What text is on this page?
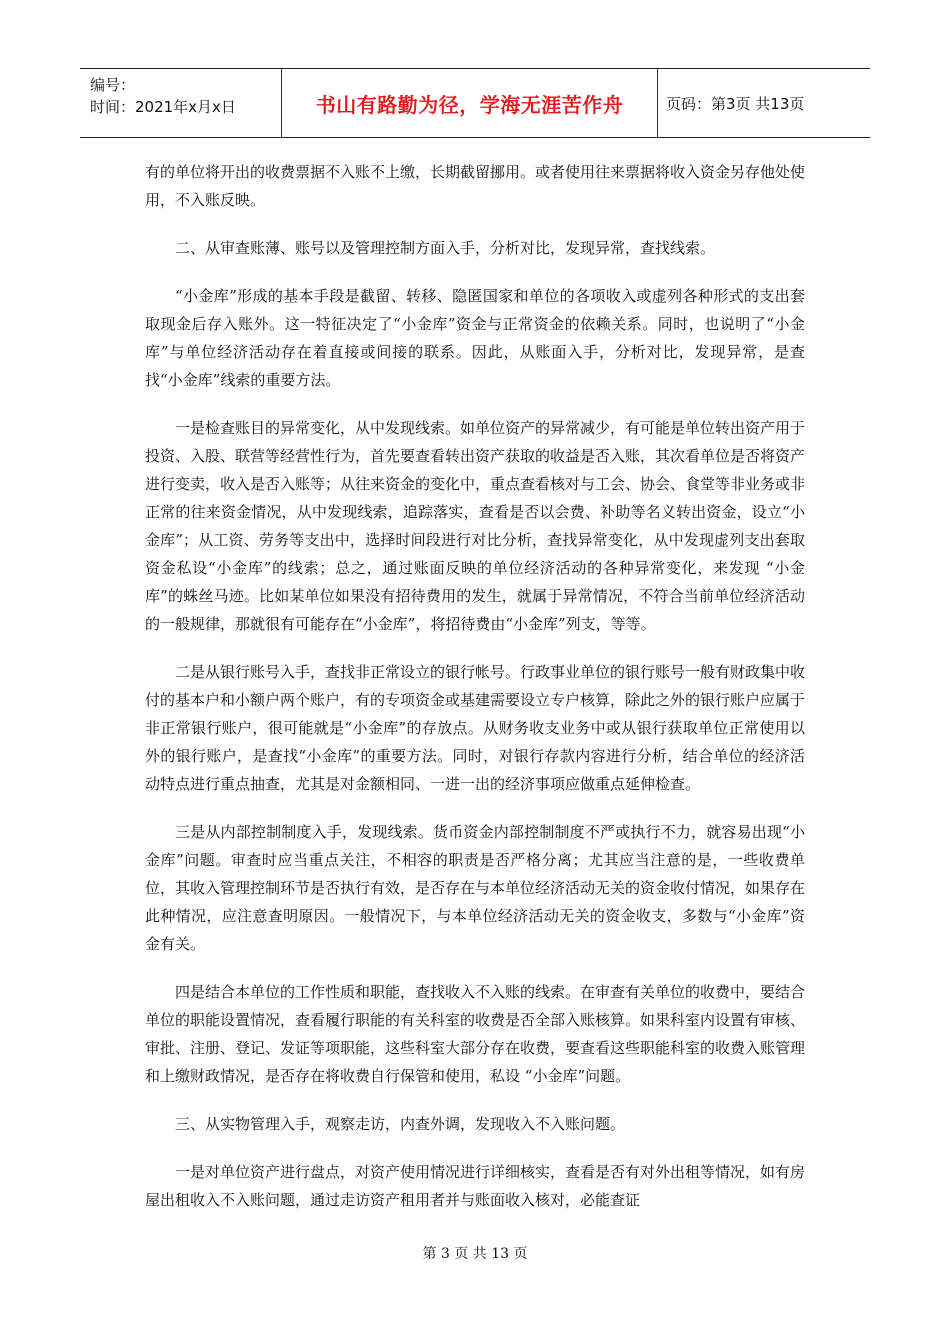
编号：
时间：2021年x月x日	书山有路勤为径，学海无涯苦作舟	页码：第3页 共13页

有的单位将开出的收费票据不入账不上缴，长期截留挪用。或者使用往来票据将收入资金另存他处使用，不入账反映。

二、从审查账薄、账号以及管理控制方面入手，分析对比，发现异常，查找线索。

“小金库”形成的基本手段是截留、转移、隐匿国家和单位的各项收入或虚列各种形式的支出套取现金后存入账外。这一特征决定了“小金库”资金与正常资金的依赖关系。同时，也说明了“小金库”与单位经济活动存在着直接或间接的联系。因此，从账面入手，分析对比，发现异常，是查找“小金库”线索的重要方法。

一是检查账目的异常变化，从中发现线索。如单位资产的异常减少，有可能是单位转出资产用于投资、入股、联营等经营性行为，首先要查看转出资产获取的收益是否入账，其次看单位是否将资产进行变卖，收入是否入账等；从往来资金的变化中，重点查看核对与工会、协会、食堂等非业务或非正常的往来资金情况，从中发现线索，追踪落实，查看是否以会费、补助等名义转出资金，设立“小金库”；从工资、劳务等支出中，选择时间段进行对比分析，查找异常变化，从中发现虚列支出套取资金私设“小金库”的线索；总之，通过账面反映的单位经济活动的各种异常变化，来发现 “小金库”的蛛丝马迹。比如某单位如果没有招待费用的发生，就属于异常情况，不符合当前单位经济活动的一般规律，那就很有可能存在“小金库”，将招待费由“小金库”列支，等等。

二是从银行账号入手，查找非正常设立的银行帐号。行政事业单位的银行账号一般有财政集中收付的基本户和小额户两个账户，有的专项资金或基建需要设立专户核算，除此之外的银行账户应属于非正常银行账户，很可能就是“小金库”的存放点。从财务收支业务中或从银行获取单位正常使用以外的银行账户，是查找“小金库”的重要方法。同时，对银行存款内容进行分析，结合单位的经济活动特点进行重点抽查，尤其是对金额相同、一进一出的经济事项应做重点延伸检查。

三是从内部控制制度入手，发现线索。货币资金内部控制制度不严或执行不力，就容易出现“小金库”问题。审查时应当重点关注，不相容的职责是否严格分离；尤其应当注意的是，一些收费单位，其收入管理控制环节是否执行有效，是否存在与本单位经济活动无关的资金收付情况，如果存在此种情况，应注意查明原因。一般情况下，与本单位经济活动无关的资金收支，多数与“小金库”资金有关。

四是结合本单位的工作性质和职能，查找收入不入账的线索。在审查有关单位的收费中，要结合单位的职能设置情况，查看履行职能的有关科室的收费是否全部入账核算。如果科室内设置有审核、审批、注册、登记、发证等项职能，这些科室大部分存在收费，要查看这些职能科室的收费入账管理和上缴财政情况，是否存在将收费自行保管和使用，私设 “小金库”问题。

三、从实物管理入手，观察走访，内查外调，发现收入不入账问题。

一是对单位资产进行盘点，对资产使用情况进行详细核实，查看是否有对外出租等情况，如有房屋出租收入不入账问题，通过走访资产租用者并与账面收入核对，必能查证

第 3 页 共 13 页
